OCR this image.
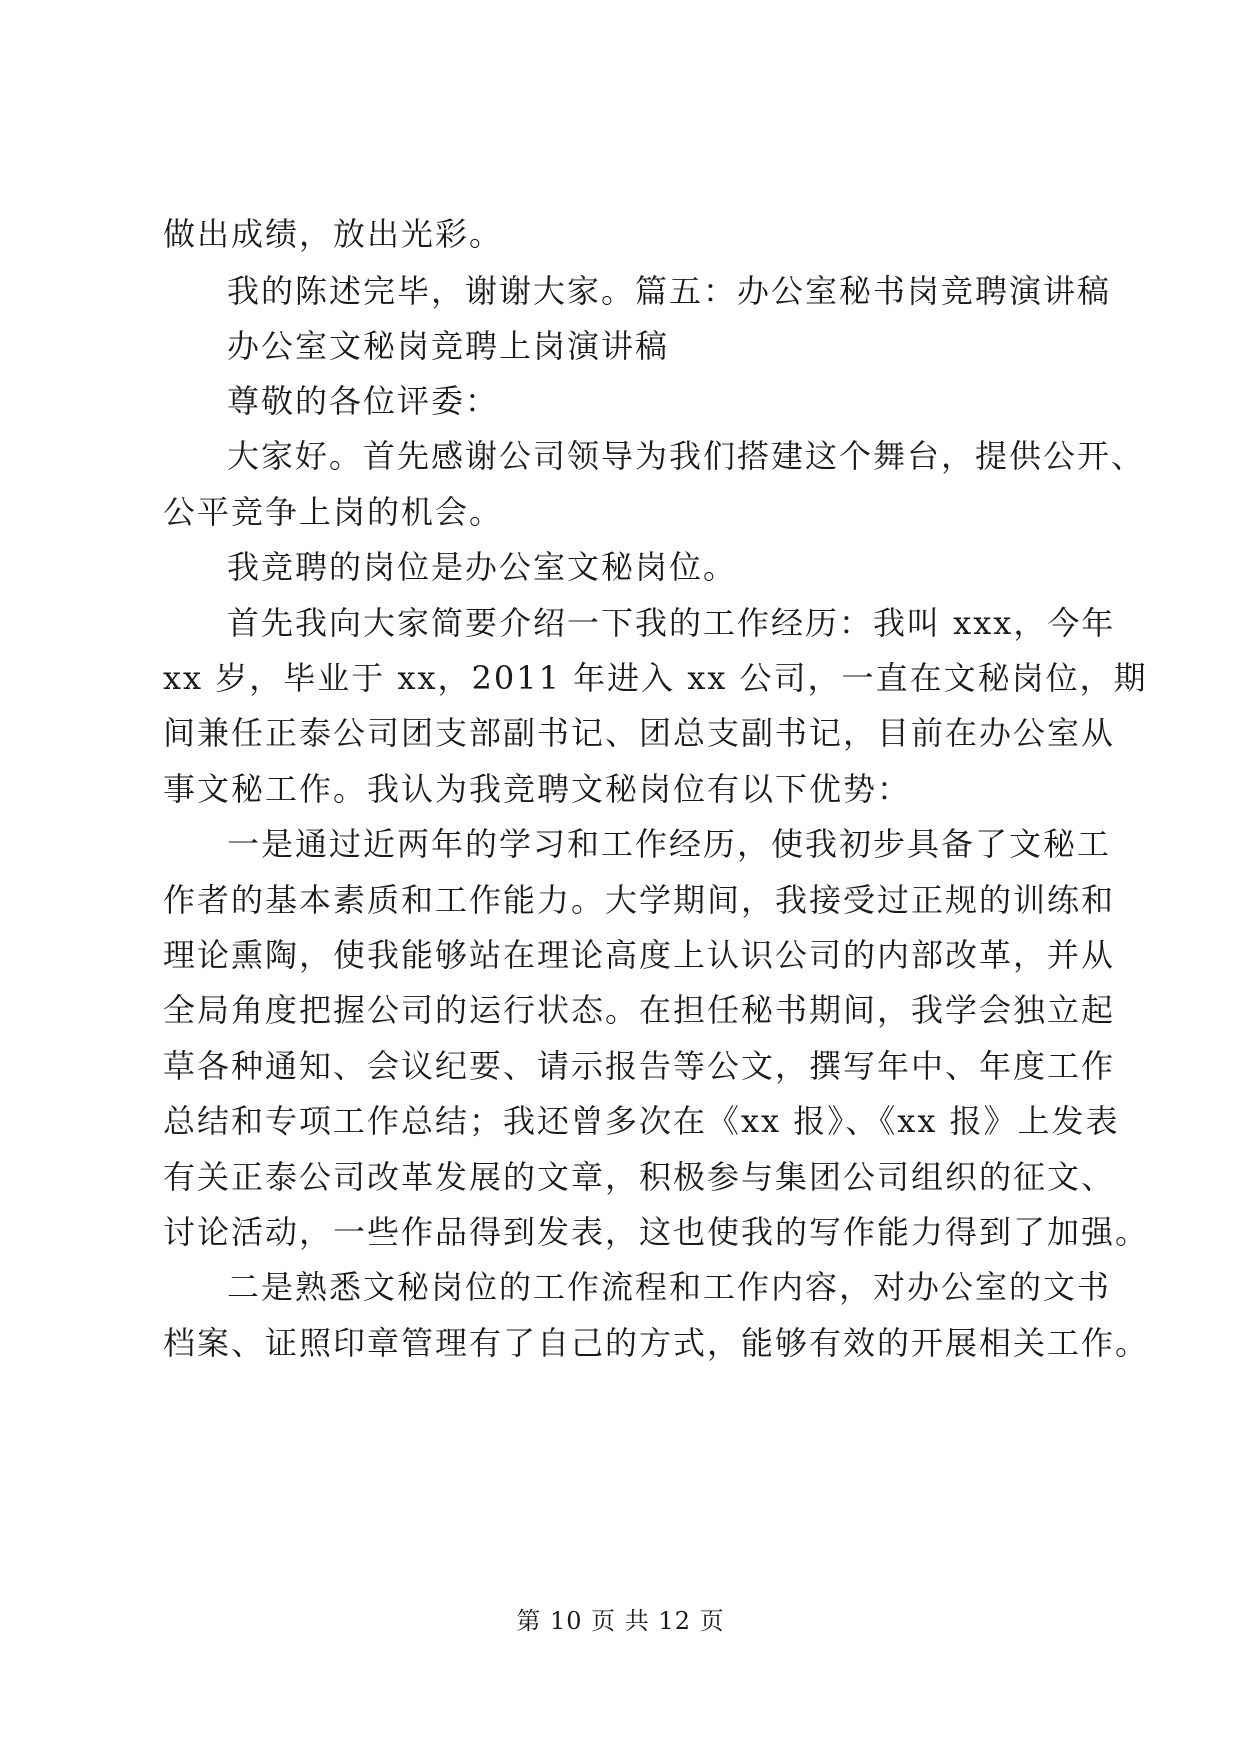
做出成绩，放出光彩。
我的陈述完毕，谢谢大家。篇五：办公室秘书岗竞聘演讲稿
办公室文秘岗竞聘上岗演讲稿
尊敬的各位评委：
大家好。首先感谢公司领导为我们搭建这个舞台，提供公开、
公平竞争上岗的机会。
我竞聘的岗位是办公室文秘岗位。
首先我向大家简要介绍一下我的工作经历：我叫 xxx，今年
xx 岁，毕业于 xx，2011 年进入 xx 公司，一直在文秘岗位，期
间兼任正泰公司团支部副书记、团总支副书记，目前在办公室从
事文秘工作。我认为我竞聘文秘岗位有以下优势：
一是通过近两年的学习和工作经历，使我初步具备了文秘工
作者的基本素质和工作能力。大学期间，我接受过正规的训练和
理论熏陶，使我能够站在理论高度上认识公司的内部改革，并从
全局角度把握公司的运行状态。在担任秘书期间，我学会独立起
草各种通知、会议纪要、请示报告等公文，撰写年中、年度工作
总结和专项工作总结；我还曾多次在《xx 报》、《xx 报》上发表
有关正泰公司改革发展的文章，积极参与集团公司组织的征文、
讨论活动，一些作品得到发表，这也使我的写作能力得到了加强。
二是熟悉文秘岗位的工作流程和工作内容，对办公室的文书
档案、证照印章管理有了自己的方式，能够有效的开展相关工作。
第 10 页 共 12 页
